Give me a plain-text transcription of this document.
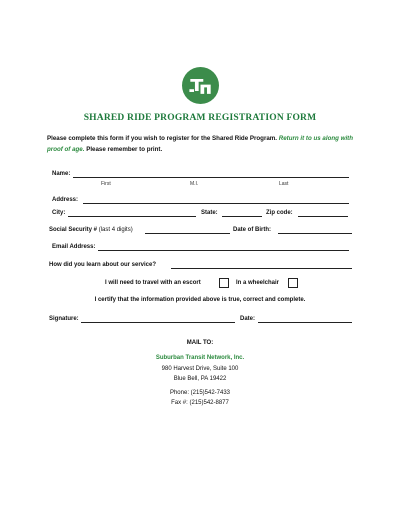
SHARED RIDE PROGRAM REGISTRATION FORM
Please complete this form if you wish to register for the Shared Ride Program. Return it to us along with proof of age. Please remember to print.
Name:
First	M.I.	Last
Address:
City:	State:	Zip code:
Social Security # (last 4 digits)	Date of Birth:
Email Address:
How did you learn about our service?
I will need to travel with an escort	In a wheelchair
I certify that the information provided above is true, correct and complete.
Signature:	Date:
MAIL TO:
Suburban Transit Network, Inc.
980 Harvest Drive, Suite 100
Blue Bell, PA 19422
Phone: (215)542-7433
Fax #: (215)542-8877
